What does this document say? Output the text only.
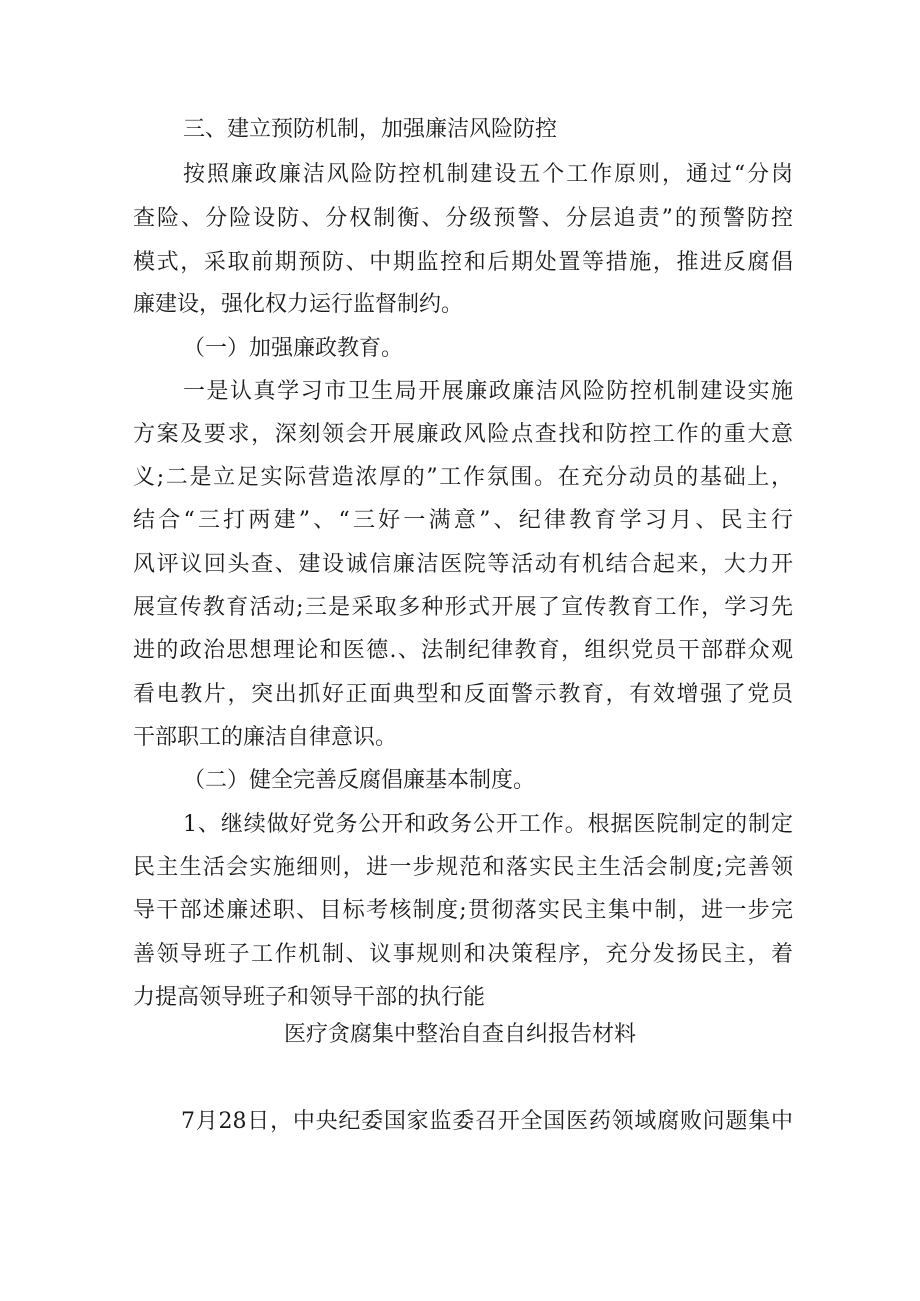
三、建立预防机制，加强廉洁风险防控
按照廉政廉洁风险防控机制建设五个工作原则，通过“分岗
查险、分险设防、分权制衡、分级预警、分层追责”的预警防控
模式，采取前期预防、中期监控和后期处置等措施，推进反腐倡
廉建设，强化权力运行监督制约。
（一）加强廉政教育。
一是认真学习市卫生局开展廉政廉洁风险防控机制建设实施
方案及要求，深刻领会开展廉政风险点查找和防控工作的重大意
义;二是立足实际营造浓厚的”工作氛围。在充分动员的基础上，
结合“三打两建”、“三好一满意”、纪律教育学习月、民主行
风评议回头查、建设诚信廉洁医院等活动有机结合起来，大力开
展宣传教育活动;三是采取多种形式开展了宣传教育工作，学习先
进的政治思想理论和医德.、法制纪律教育，组织党员干部群众观
看电教片，突出抓好正面典型和反面警示教育，有效增强了党员
干部职工的廉洁自律意识。
（二）健全完善反腐倡廉基本制度。
1、继续做好党务公开和政务公开工作。根据医院制定的制定
民主生活会实施细则，进一步规范和落实民主生活会制度;完善领
导干部述廉述职、目标考核制度;贯彻落实民主集中制，进一步完
善领导班子工作机制、议事规则和决策程序，充分发扬民主，着
力提高领导班子和领导干部的执行能
医疗贪腐集中整治自查自纠报告材料
7月28日，中央纪委国家监委召开全国医药领域腐败问题集中
